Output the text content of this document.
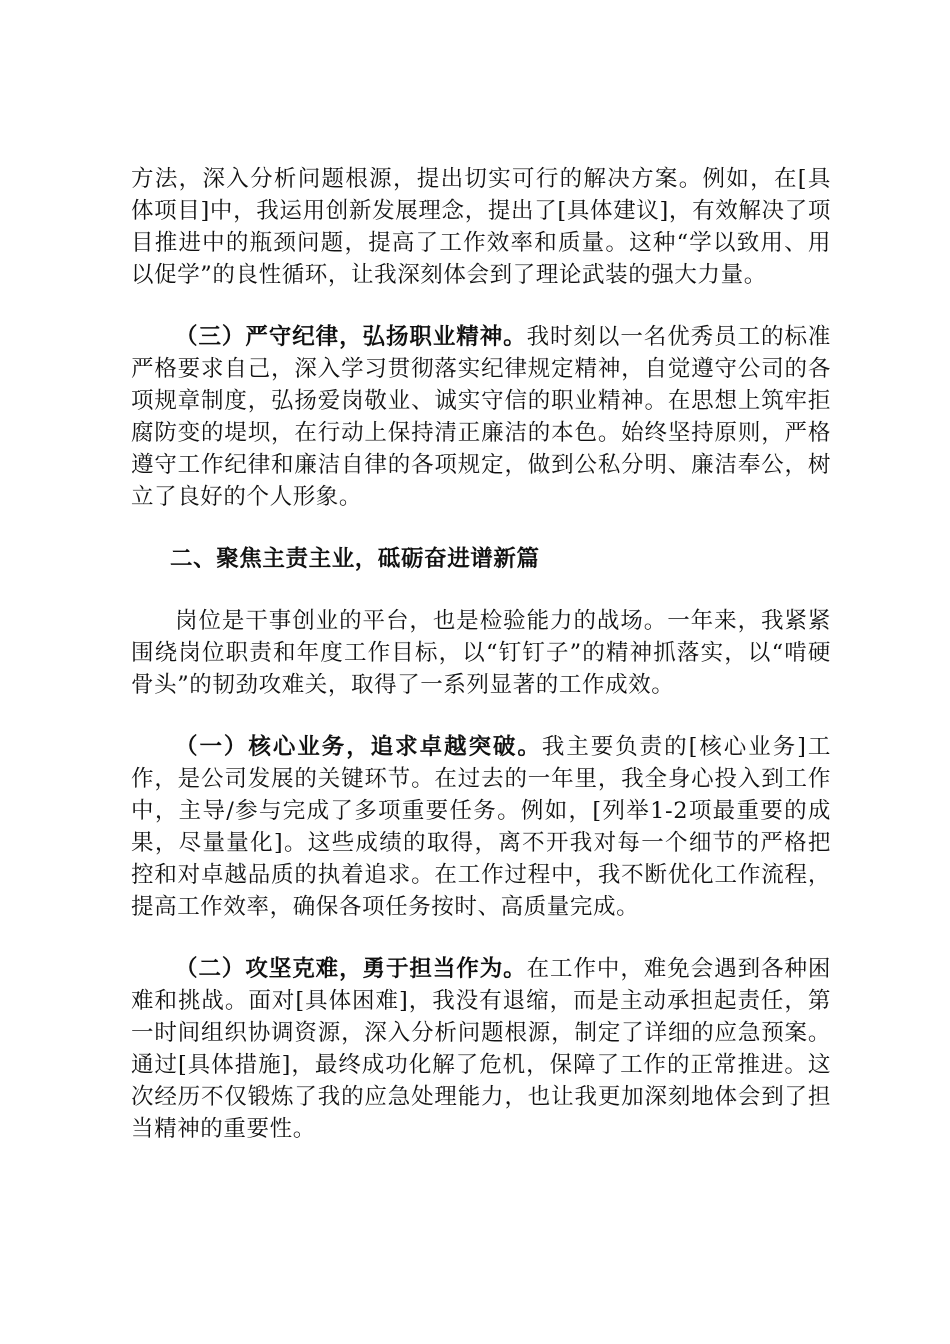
方法，深入分析问题根源，提出切实可行的解决方案。例如，在[具体项目]中，我运用创新发展理念，提出了[具体建议]，有效解决了项目推进中的瓶颈问题，提高了工作效率和质量。这种“学以致用、用以促学”的良性循环，让我深刻体会到了理论武装的强大力量。

（三）严守纪律，弘扬职业精神。我时刻以一名优秀员工的标准严格要求自己，深入学习贯彻落实纪律规定精神，自觉遵守公司的各项规章制度，弘扬爱岗敬业、诚实守信的职业精神。在思想上筑牢拒腐防变的堤坝，在行动上保持清正廉洁的本色。始终坚持原则，严格遵守工作纪律和廉洁自律的各项规定，做到公私分明、廉洁奉公，树立了良好的个人形象。

二、聚焦主责主业，砥砺奋进谱新篇

岗位是干事创业的平台，也是检验能力的战场。一年来，我紧紧围绕岗位职责和年度工作目标，以“钉钉子”的精神抓落实，以“啃硬骨头”的韧劲攻难关，取得了一系列显著的工作成效。

（一）核心业务，追求卓越突破。我主要负责的[核心业务]工作，是公司发展的关键环节。在过去的一年里，我全身心投入到工作中，主导/参与完成了多项重要任务。例如，[列举1-2项最重要的成果，尽量量化]。这些成绩的取得，离不开我对每一个细节的严格把控和对卓越品质的执着追求。在工作过程中，我不断优化工作流程，提高工作效率，确保各项任务按时、高质量完成。

（二）攻坚克难，勇于担当作为。在工作中，难免会遇到各种困难和挑战。面对[具体困难]，我没有退缩，而是主动承担起责任，第一时间组织协调资源，深入分析问题根源，制定了详细的应急预案。通过[具体措施]，最终成功化解了危机，保障了工作的正常推进。这次经历不仅锻炼了我的应急处理能力，也让我更加深刻地体会到了担当精神的重要性。
